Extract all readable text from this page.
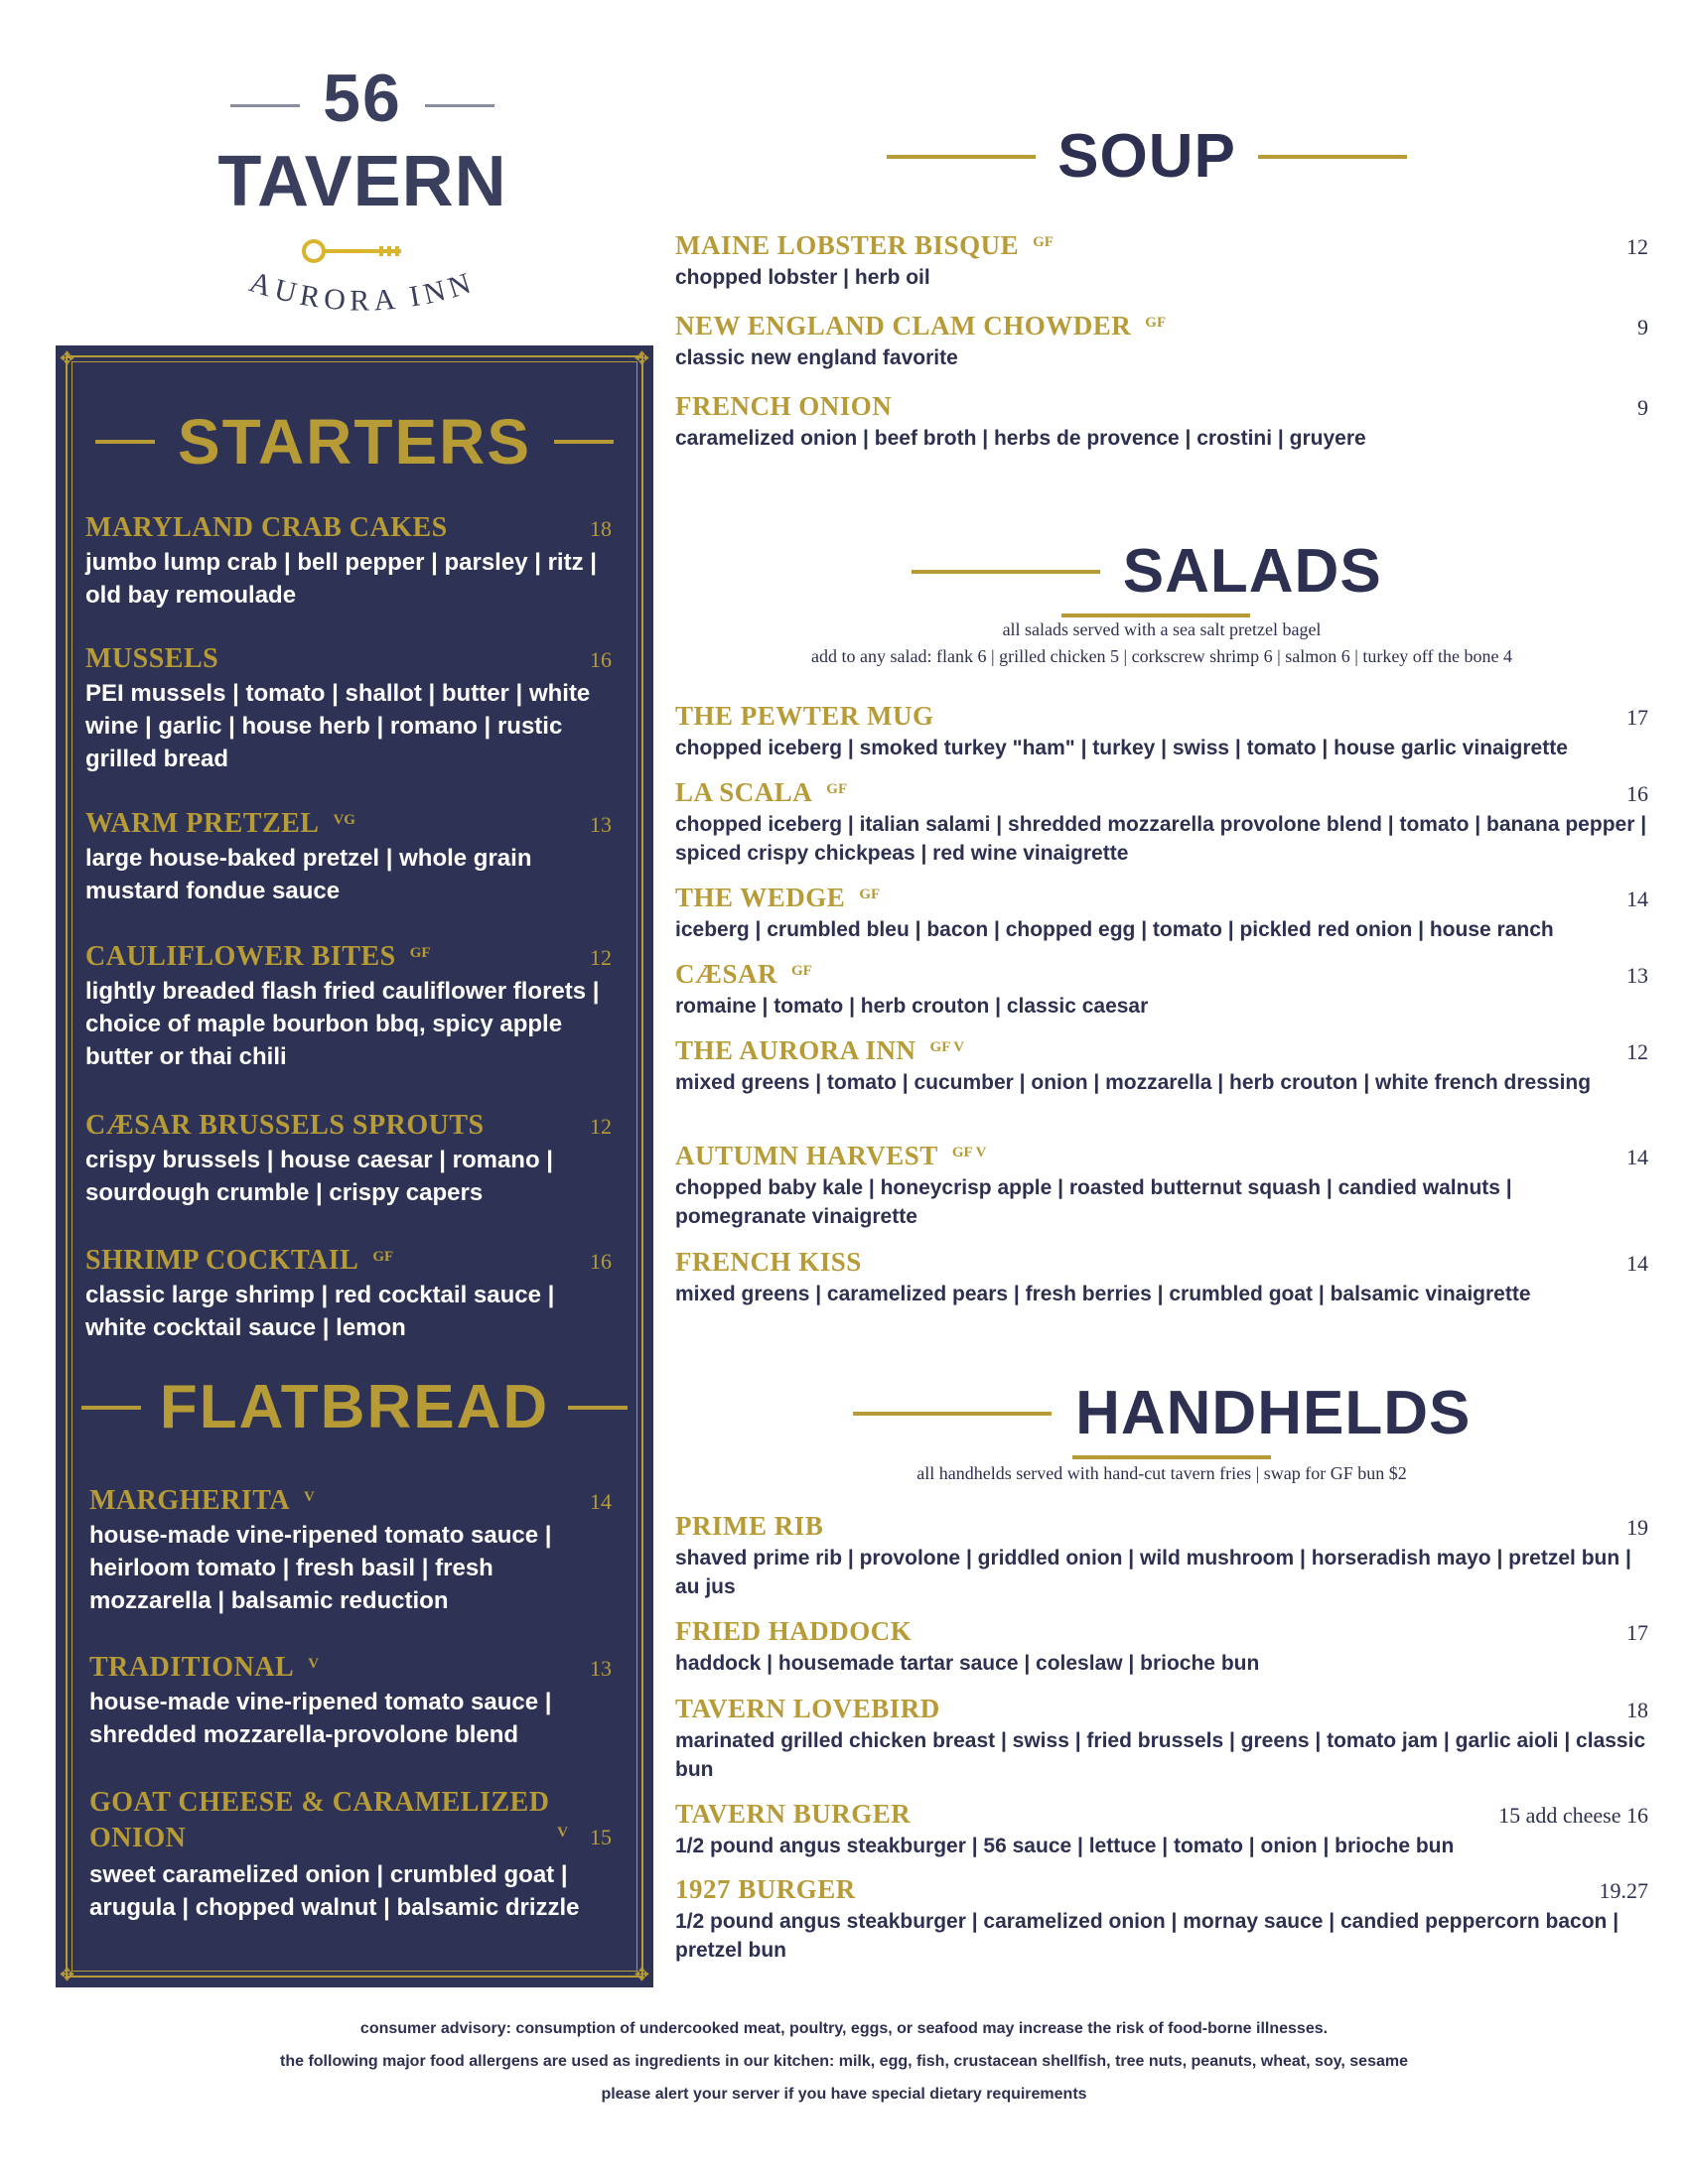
56
TAVERN
AURORA INN
✥	✥
✥	✥
STARTERS
MARYLAND CRAB CAKES	18
jumbo lump crab | bell pepper | parsley | ritz | old bay remoulade
MUSSELS	16
PEI mussels | tomato | shallot | butter | white wine | garlic | house herb | romano | rustic grilled bread
WARM PRETZEL VG	13
large house-baked pretzel | whole grain mustard fondue sauce
CAULIFLOWER BITES GF	12
lightly breaded flash fried cauliflower florets | choice of maple bourbon bbq, spicy apple butter or thai chili
CÆSAR BRUSSELS SPROUTS	12
crispy brussels | house caesar | romano | sourdough crumble | crispy capers
SHRIMP COCKTAIL GF	16
classic large shrimp | red cocktail sauce | white cocktail sauce | lemon
FLATBREAD
MARGHERITA V	14
house-made vine-ripened tomato sauce | heirloom tomato | fresh basil | fresh mozzarella | balsamic reduction
TRADITIONAL V	13
house-made vine-ripened tomato sauce | shredded mozzarella-provolone blend
GOAT CHEESE & CARAMELIZED ONION	V 15
sweet caramelized onion | crumbled goat | arugula | chopped walnut | balsamic drizzle
SOUP
MAINE LOBSTER BISQUE GF	12
chopped lobster | herb oil
NEW ENGLAND CLAM CHOWDER GF	9
classic new england favorite
FRENCH ONION	9
caramelized onion | beef broth | herbs de provence | crostini | gruyere
SALADS
all salads served with a sea salt pretzel bagel
add to any salad: flank 6 | grilled chicken 5 | corkscrew shrimp 6 | salmon 6 | turkey off the bone 4
THE PEWTER MUG	17
chopped iceberg | smoked turkey "ham" | turkey | swiss | tomato | house garlic vinaigrette
LA SCALA GF	16
chopped iceberg | italian salami | shredded mozzarella provolone blend | tomato | banana pepper | spiced crispy chickpeas | red wine vinaigrette
THE WEDGE GF	14
iceberg | crumbled bleu | bacon | chopped egg | tomato | pickled red onion | house ranch
CÆSAR GF	13
romaine | tomato | herb crouton | classic caesar
THE AURORA INN GF V	12
mixed greens | tomato | cucumber | onion | mozzarella | herb crouton | white french dressing
AUTUMN HARVEST GF V	14
chopped baby kale | honeycrisp apple | roasted butternut squash | candied walnuts | pomegranate vinaigrette
FRENCH KISS	14
mixed greens | caramelized pears | fresh berries | crumbled goat | balsamic vinaigrette
HANDHELDS
all handhelds served with hand-cut tavern fries | swap for GF bun $2
PRIME RIB	19
shaved prime rib | provolone | griddled onion | wild mushroom | horseradish mayo | pretzel bun | au jus
FRIED HADDOCK	17
haddock | housemade tartar sauce | coleslaw | brioche bun
TAVERN LOVEBIRD	18
marinated grilled chicken breast | swiss | fried brussels | greens | tomato jam | garlic aioli | classic bun
TAVERN BURGER	15 add cheese 16
1/2 pound angus steakburger | 56 sauce | lettuce | tomato | onion | brioche bun
1927 BURGER	19.27
1/2 pound angus steakburger | caramelized onion | mornay sauce | candied peppercorn bacon | pretzel bun
consumer advisory: consumption of undercooked meat, poultry, eggs, or seafood may increase the risk of food-borne illnesses.
the following major food allergens are used as ingredients in our kitchen: milk, egg, fish, crustacean shellfish, tree nuts, peanuts, wheat, soy, sesame
please alert your server if you have special dietary requirements
